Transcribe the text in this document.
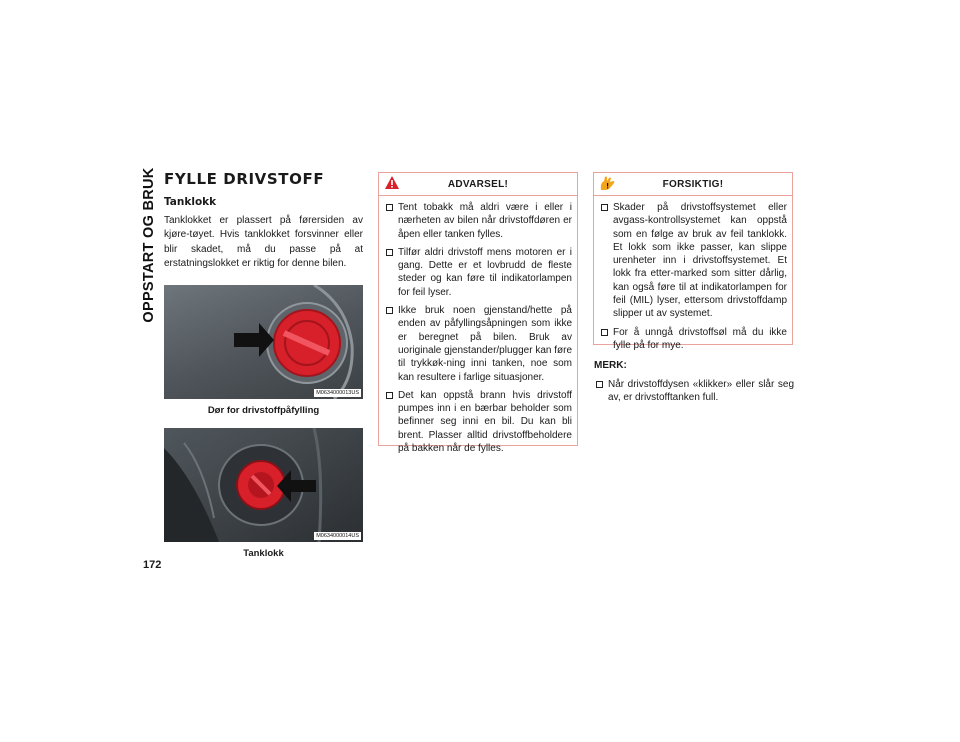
OPPSTART OG BRUK
172
FYLLE DRIVSTOFF
Tanklokk

Tanklokket er plassert på førersiden av kjøre-tøyet. Hvis tanklokket forsvinner eller blir skadet, må du passe på at erstatningslokket er riktig for denne bilen.

M0634000013US
Dør for drivstoffpåfylling
M0634000014US
Tanklokk
ADVARSEL!
Tent tobakk må aldri være i eller i nærheten av bilen når drivstoffdøren er åpen eller tanken fylles.
Tilfør aldri drivstoff mens motoren er i gang. Dette er et lovbrudd de fleste steder og kan føre til indikatorlampen for feil lyser.
Ikke bruk noen gjenstand/hette på enden av påfyllingsåpningen som ikke er beregnet på bilen. Bruk av uoriginale gjenstander/plugger kan føre til trykkøk-ning inni tanken, noe som kan resultere i farlige situasjoner.
Det kan oppstå brann hvis drivstoff pumpes inn i en bærbar beholder som befinner seg inni en bil. Du kan bli brent. Plasser alltid drivstoffbeholdere på bakken når de fylles.
FORSIKTIG!
Skader på drivstoffsystemet eller avgass-kontrollsystemet kan oppstå som en følge av bruk av feil tanklokk. Et lokk som ikke passer, kan slippe urenheter inn i drivstoffsystemet. Et lokk fra etter-marked som sitter dårlig, kan også føre til at indikatorlampen for feil (MIL) lyser, ettersom drivstoffdamp slipper ut av systemet.
For å unngå drivstoffsøl må du ikke fylle på for mye.
MERK:
Når drivstoffdysen «klikker» eller slår seg av, er drivstofftanken full.
